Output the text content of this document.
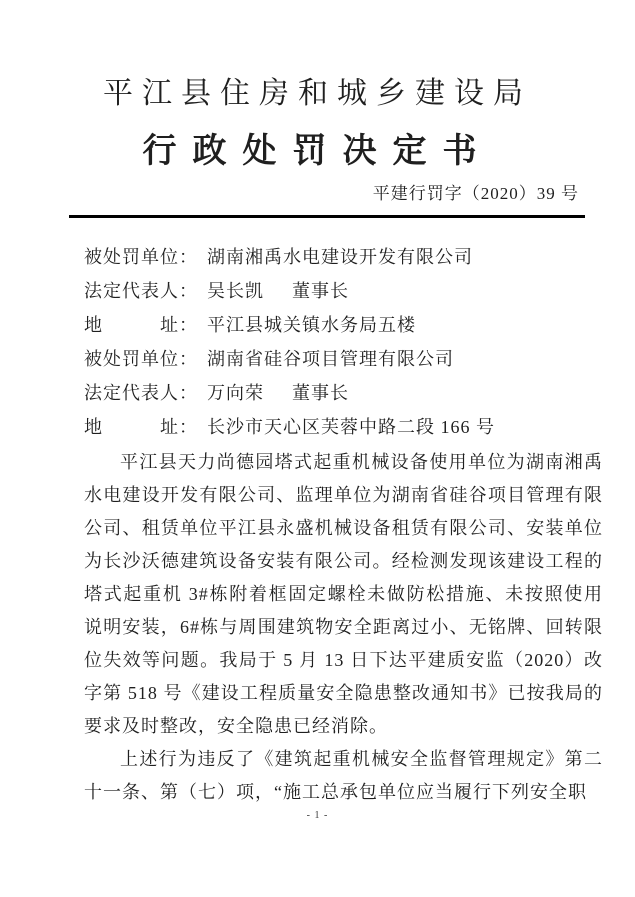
平江县住房和城乡建设局
行政处罚决定书
平建行罚字（2020）39 号
被处罚单位： 湖南湘禹水电建设开发有限公司
法定代表人： 吴长凯 董事长
地　　　址： 平江县城关镇水务局五楼
被处罚单位： 湖南省硅谷项目管理有限公司
法定代表人： 万向荣 董事长
地　　　址： 长沙市天心区芙蓉中路二段 166 号

平江县天力尚德园塔式起重机械设备使用单位为湖南湘禹水电建设开发有限公司、监理单位为湖南省硅谷项目管理有限公司、租赁单位平江县永盛机械设备租赁有限公司、安装单位为长沙沃德建筑设备安装有限公司。经检测发现该建设工程的塔式起重机 3#栋附着框固定螺栓未做防松措施、未按照使用说明安装，6#栋与周围建筑物安全距离过小、无铭牌、回转限位失效等问题。我局于 5 月 13 日下达平建质安监（2020）改字第 518 号《建设工程质量安全隐患整改通知书》已按我局的要求及时整改，安全隐患已经消除。

上述行为违反了《建筑起重机械安全监督管理规定》第二十一条、第（七）项，“施工总承包单位应当履行下列安全职

- 1 -
